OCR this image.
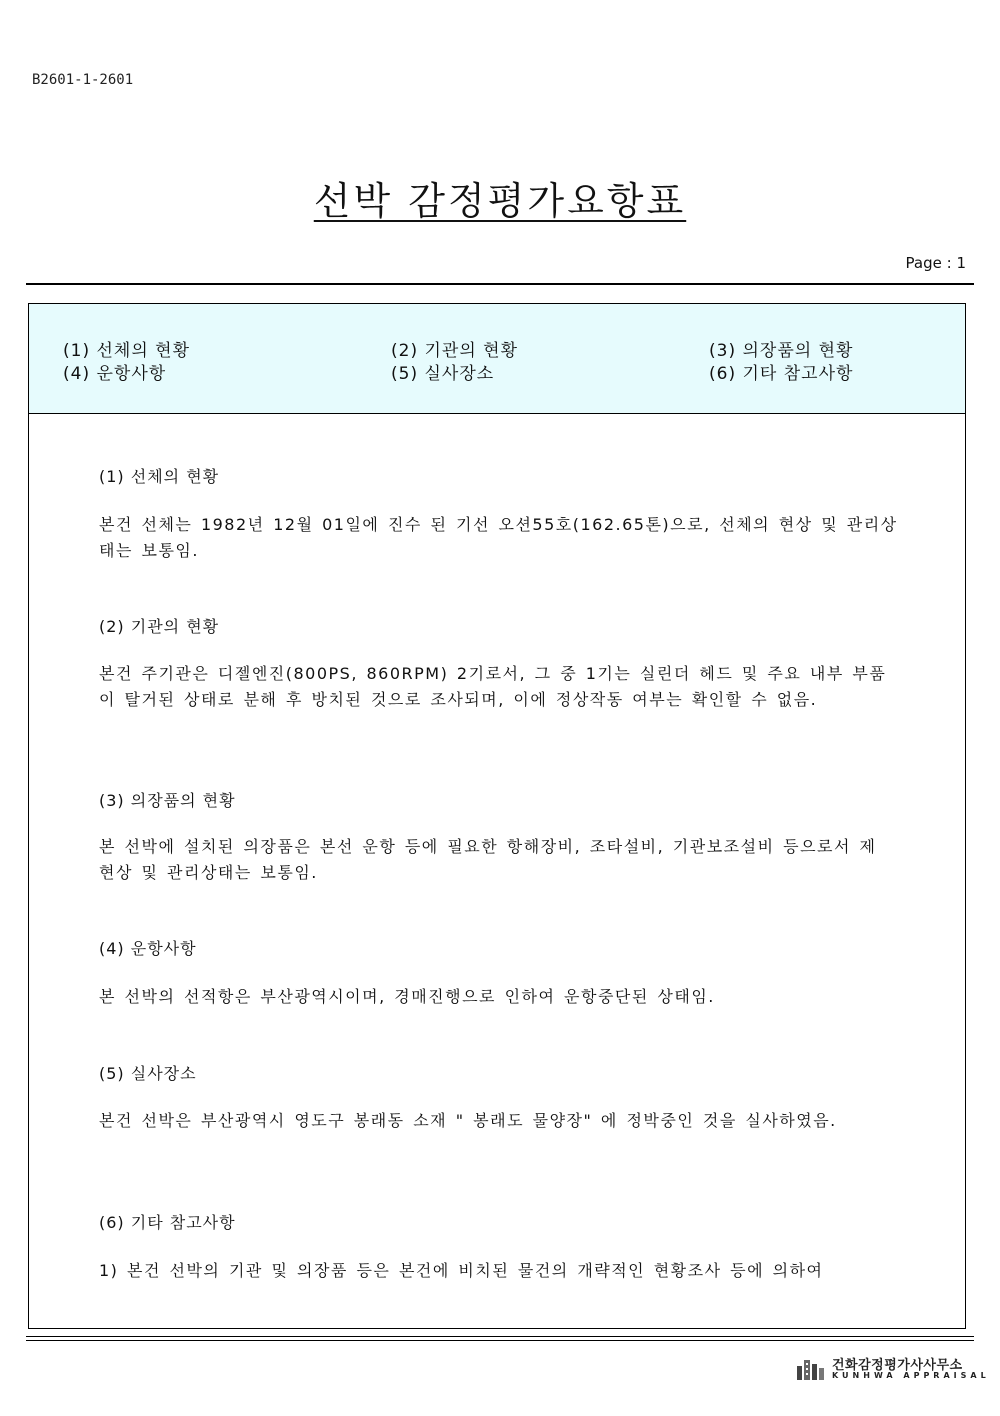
B2601-1-2601
선박 감정평가요항표
Page : 1
(1) 선체의 현황	(2) 기관의 현황	(3) 의장품의 현황
(4) 운항사항	(5) 실사장소	(6) 기타 참고사항
(1) 선체의 현황
본건 선체는 1982년 12월 01일에 진수 된 기선 오션55호(162.65톤)으로, 선체의 현상 및 관리상태는 보통임.
(2) 기관의 현황
본건 주기관은 디젤엔진(800PS, 860RPM) 2기로서, 그 중 1기는 실린더 헤드 및 주요 내부 부품이 탈거된 상태로 분해 후 방치된 것으로 조사되며, 이에 정상작동 여부는 확인할 수 없음.
(3) 의장품의 현황
본 선박에 설치된 의장품은 본선 운항 등에 필요한 항해장비, 조타설비, 기관보조설비 등으로서 제 현상 및 관리상태는 보통임.
(4) 운항사항
본 선박의 선적항은 부산광역시이며, 경매진행으로 인하여 운항중단된 상태임.
(5) 실사장소
본건 선박은 부산광역시 영도구 봉래동 소재 " 봉래도 물양장" 에 정박중인 것을 실사하였음.
(6) 기타 참고사항
1) 본건 선박의 기관 및 의장품 등은 본건에 비치된 물건의 개략적인 현황조사 등에 의하여
건화감정평가사사무소
KUNHWA APPRAISAL
